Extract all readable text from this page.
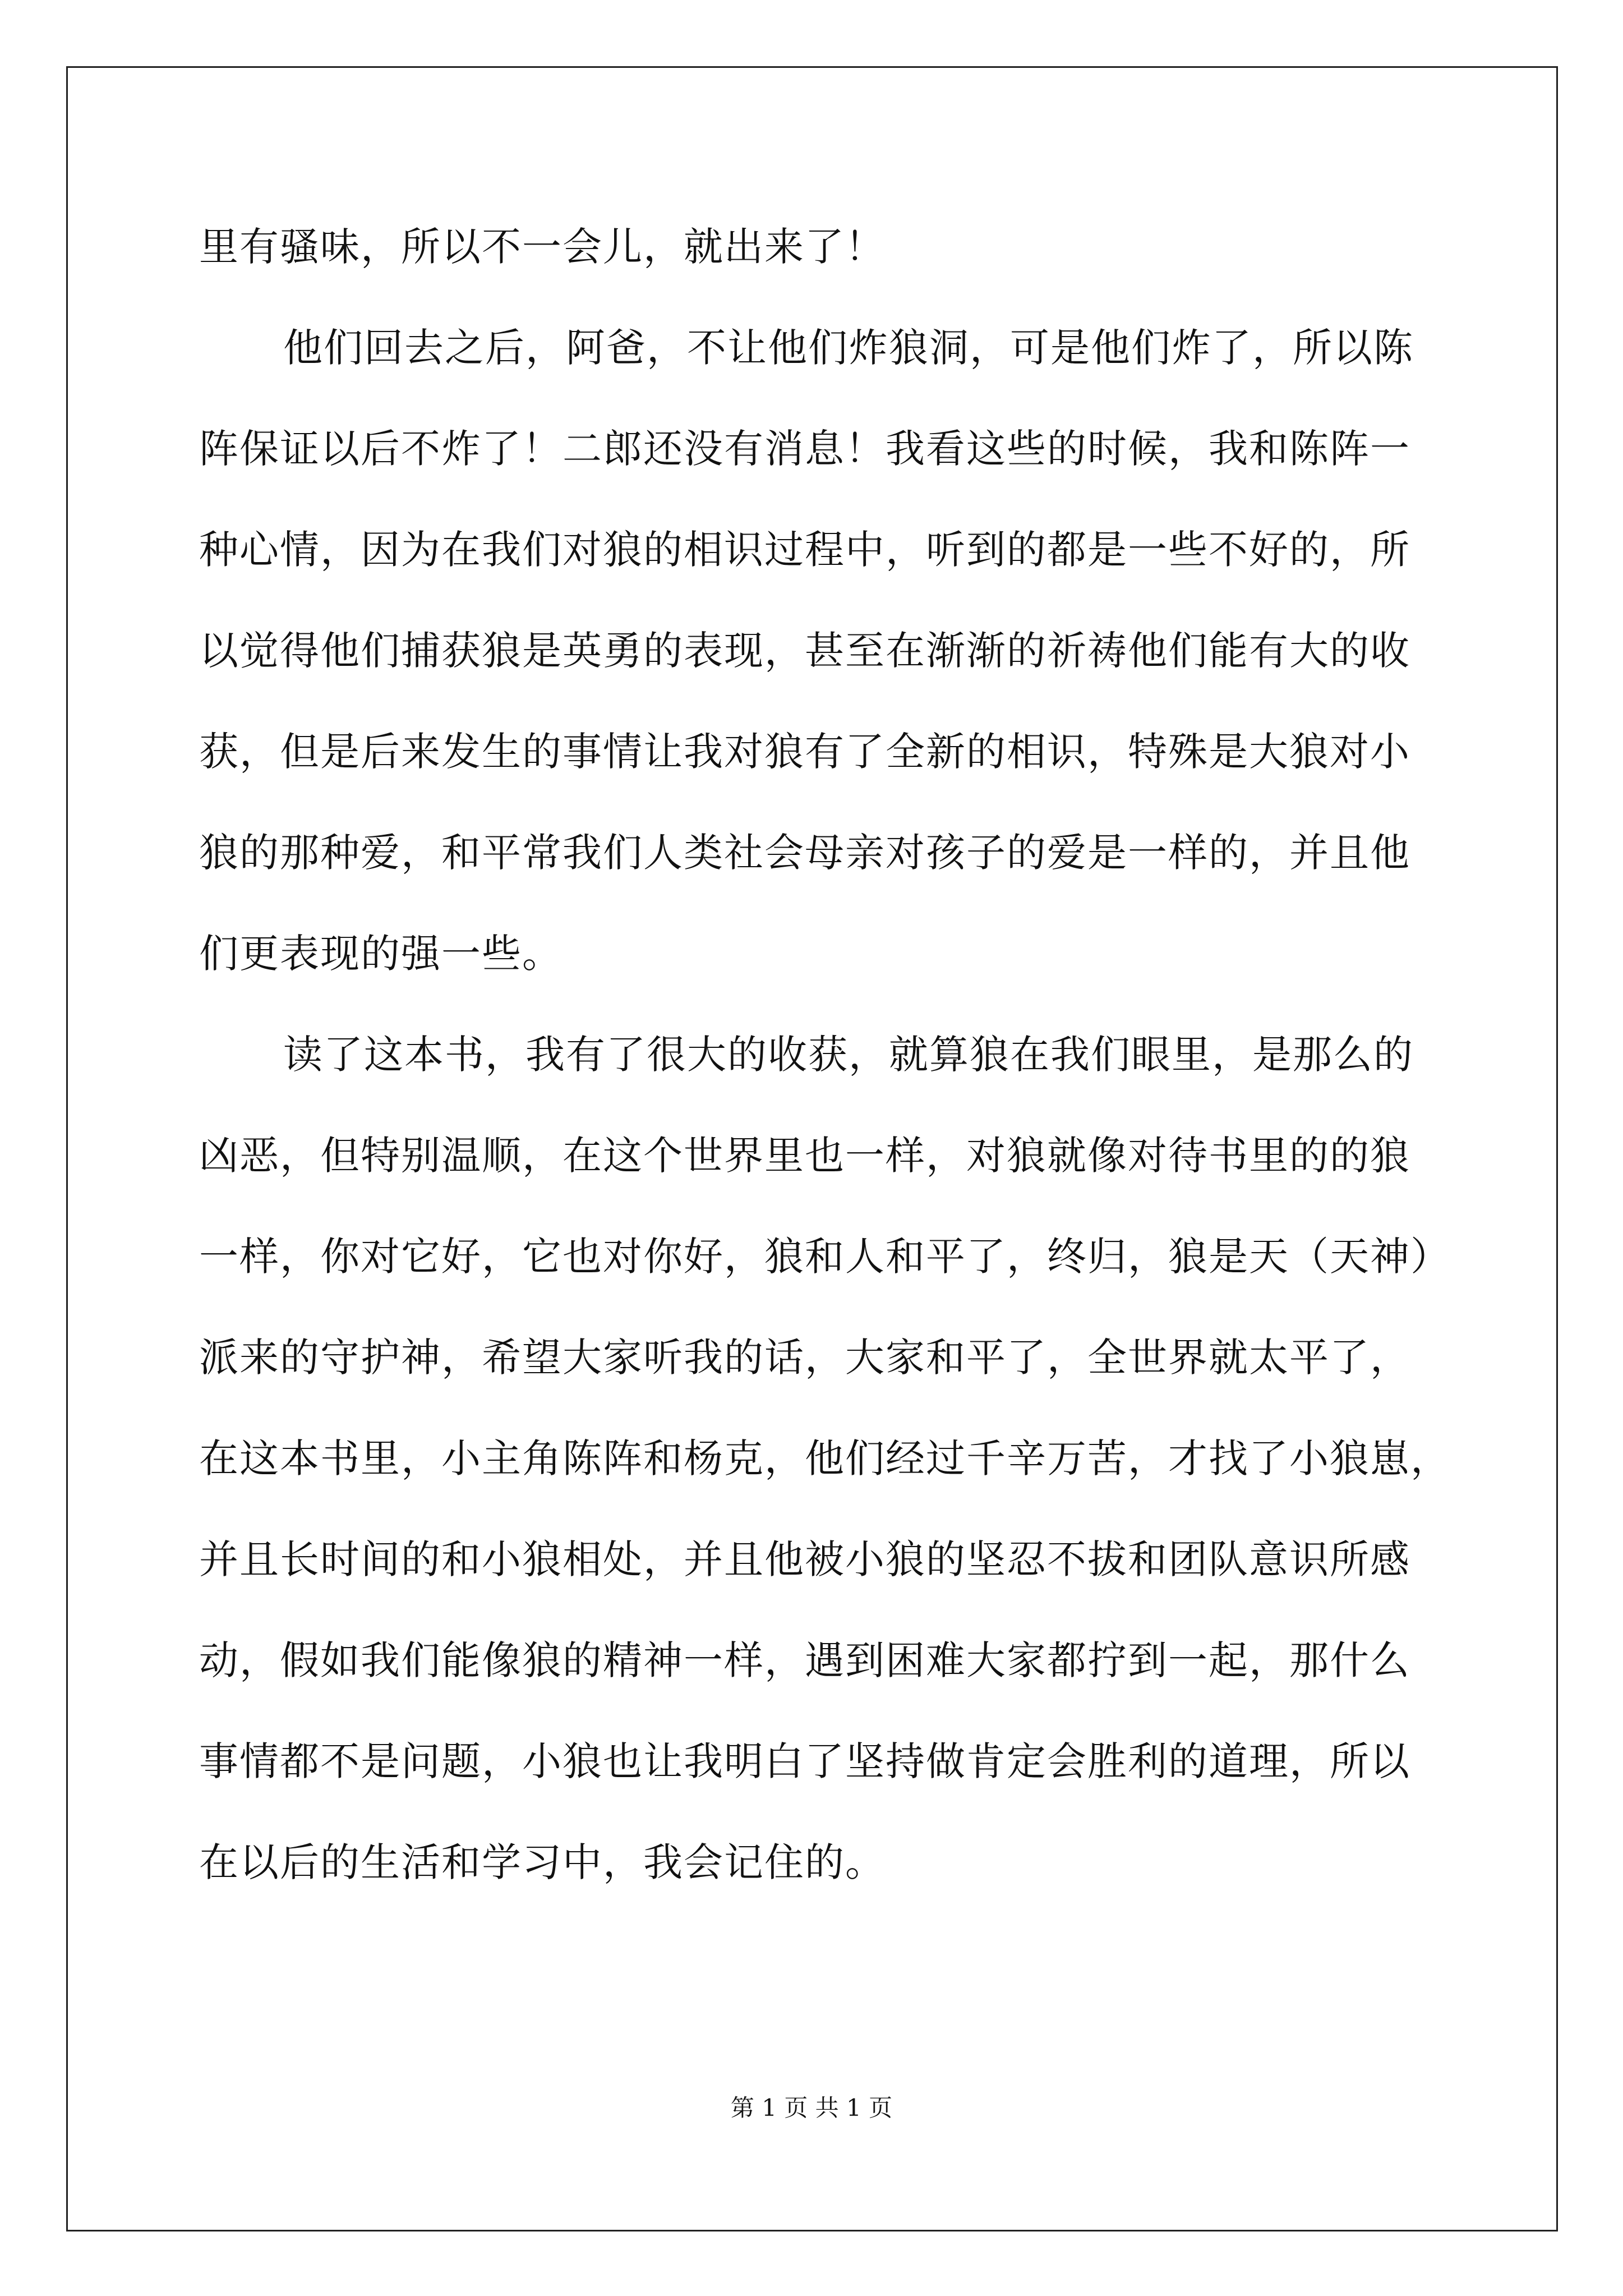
里有骚味，所以不一会儿，就出来了！
他们回去之后，阿爸，不让他们炸狼洞，可是他们炸了，所以陈
阵保证以后不炸了！二郎还没有消息！我看这些的时候，我和陈阵一
种心情，因为在我们对狼的相识过程中，听到的都是一些不好的，所
以觉得他们捕获狼是英勇的表现，甚至在渐渐的祈祷他们能有大的收
获，但是后来发生的事情让我对狼有了全新的相识，特殊是大狼对小
狼的那种爱，和平常我们人类社会母亲对孩子的爱是一样的，并且他
们更表现的强一些。
读了这本书，我有了很大的收获，就算狼在我们眼里，是那么的
凶恶，但特别温顺，在这个世界里也一样，对狼就像对待书里的的狼
一样，你对它好，它也对你好，狼和人和平了，终归，狼是天（天神）
派来的守护神，希望大家听我的话，大家和平了，全世界就太平了，
在这本书里，小主角陈阵和杨克，他们经过千辛万苦，才找了小狼崽，
并且长时间的和小狼相处，并且他被小狼的坚忍不拔和团队意识所感
动，假如我们能像狼的精神一样，遇到困难大家都拧到一起，那什么
事情都不是问题，小狼也让我明白了坚持做肯定会胜利的道理，所以
在以后的生活和学习中，我会记住的。
第 1 页 共 1 页
